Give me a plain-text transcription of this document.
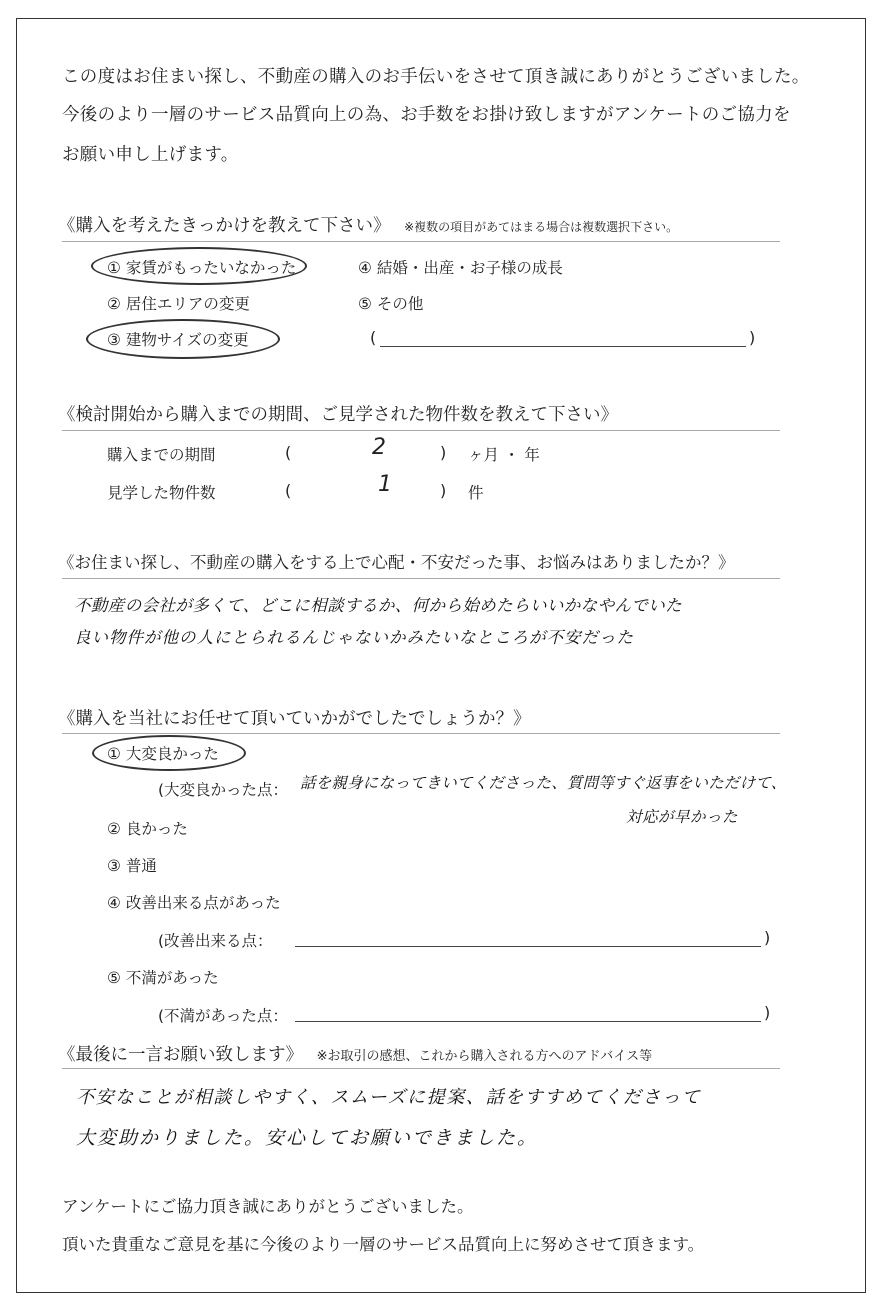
この度はお住まい探し、不動産の購入のお手伝いをさせて頂き誠にありがとうございました。
今後のより一層のサービス品質向上の為、お手数をお掛け致しますがアンケートのご協力を
お願い申し上げます。
《購入を考えたきっかけを教えて下さい》 ※複数の項目があてはまる場合は複数選択下さい。
① 家賃がもったいなかった
② 居住エリアの変更
③ 建物サイズの変更
④ 結婚・出産・お子様の成長
⑤ その他
(	)
《検討開始から購入までの期間、ご見学された物件数を教えて下さい》
購入までの期間	(	2	) ヶ月 ・ 年
見学した物件数	(	1	) 件
《お住まい探し、不動産の購入をする上で心配・不安だった事、お悩みはありましたか？》
不動産の会社が多くて、どこに相談するか、何から始めたらいいかなやんでいた
良い物件が他の人にとられるんじゃないかみたいなところが不安だった
《購入を当社にお任せて頂いていかがでしたでしょうか？》
① 大変良かった
(大変良かった点： 話を親身になってきいてくださった、質問等すぐ返事をいただけて、
対応が早かった
② 良かった
③ 普通
④ 改善出来る点があった
(改善出来る点：	)
⑤ 不満があった
(不満があった点：	)
《最後に一言お願い致します》 ※お取引の感想、これから購入される方へのアドバイス等
不安なことが相談しやすく、スムーズに提案、話をすすめてくださって
大変助かりました。安心してお願いできました。
アンケートにご協力頂き誠にありがとうございました。
頂いた貴重なご意見を基に今後のより一層のサービス品質向上に努めさせて頂きます。
